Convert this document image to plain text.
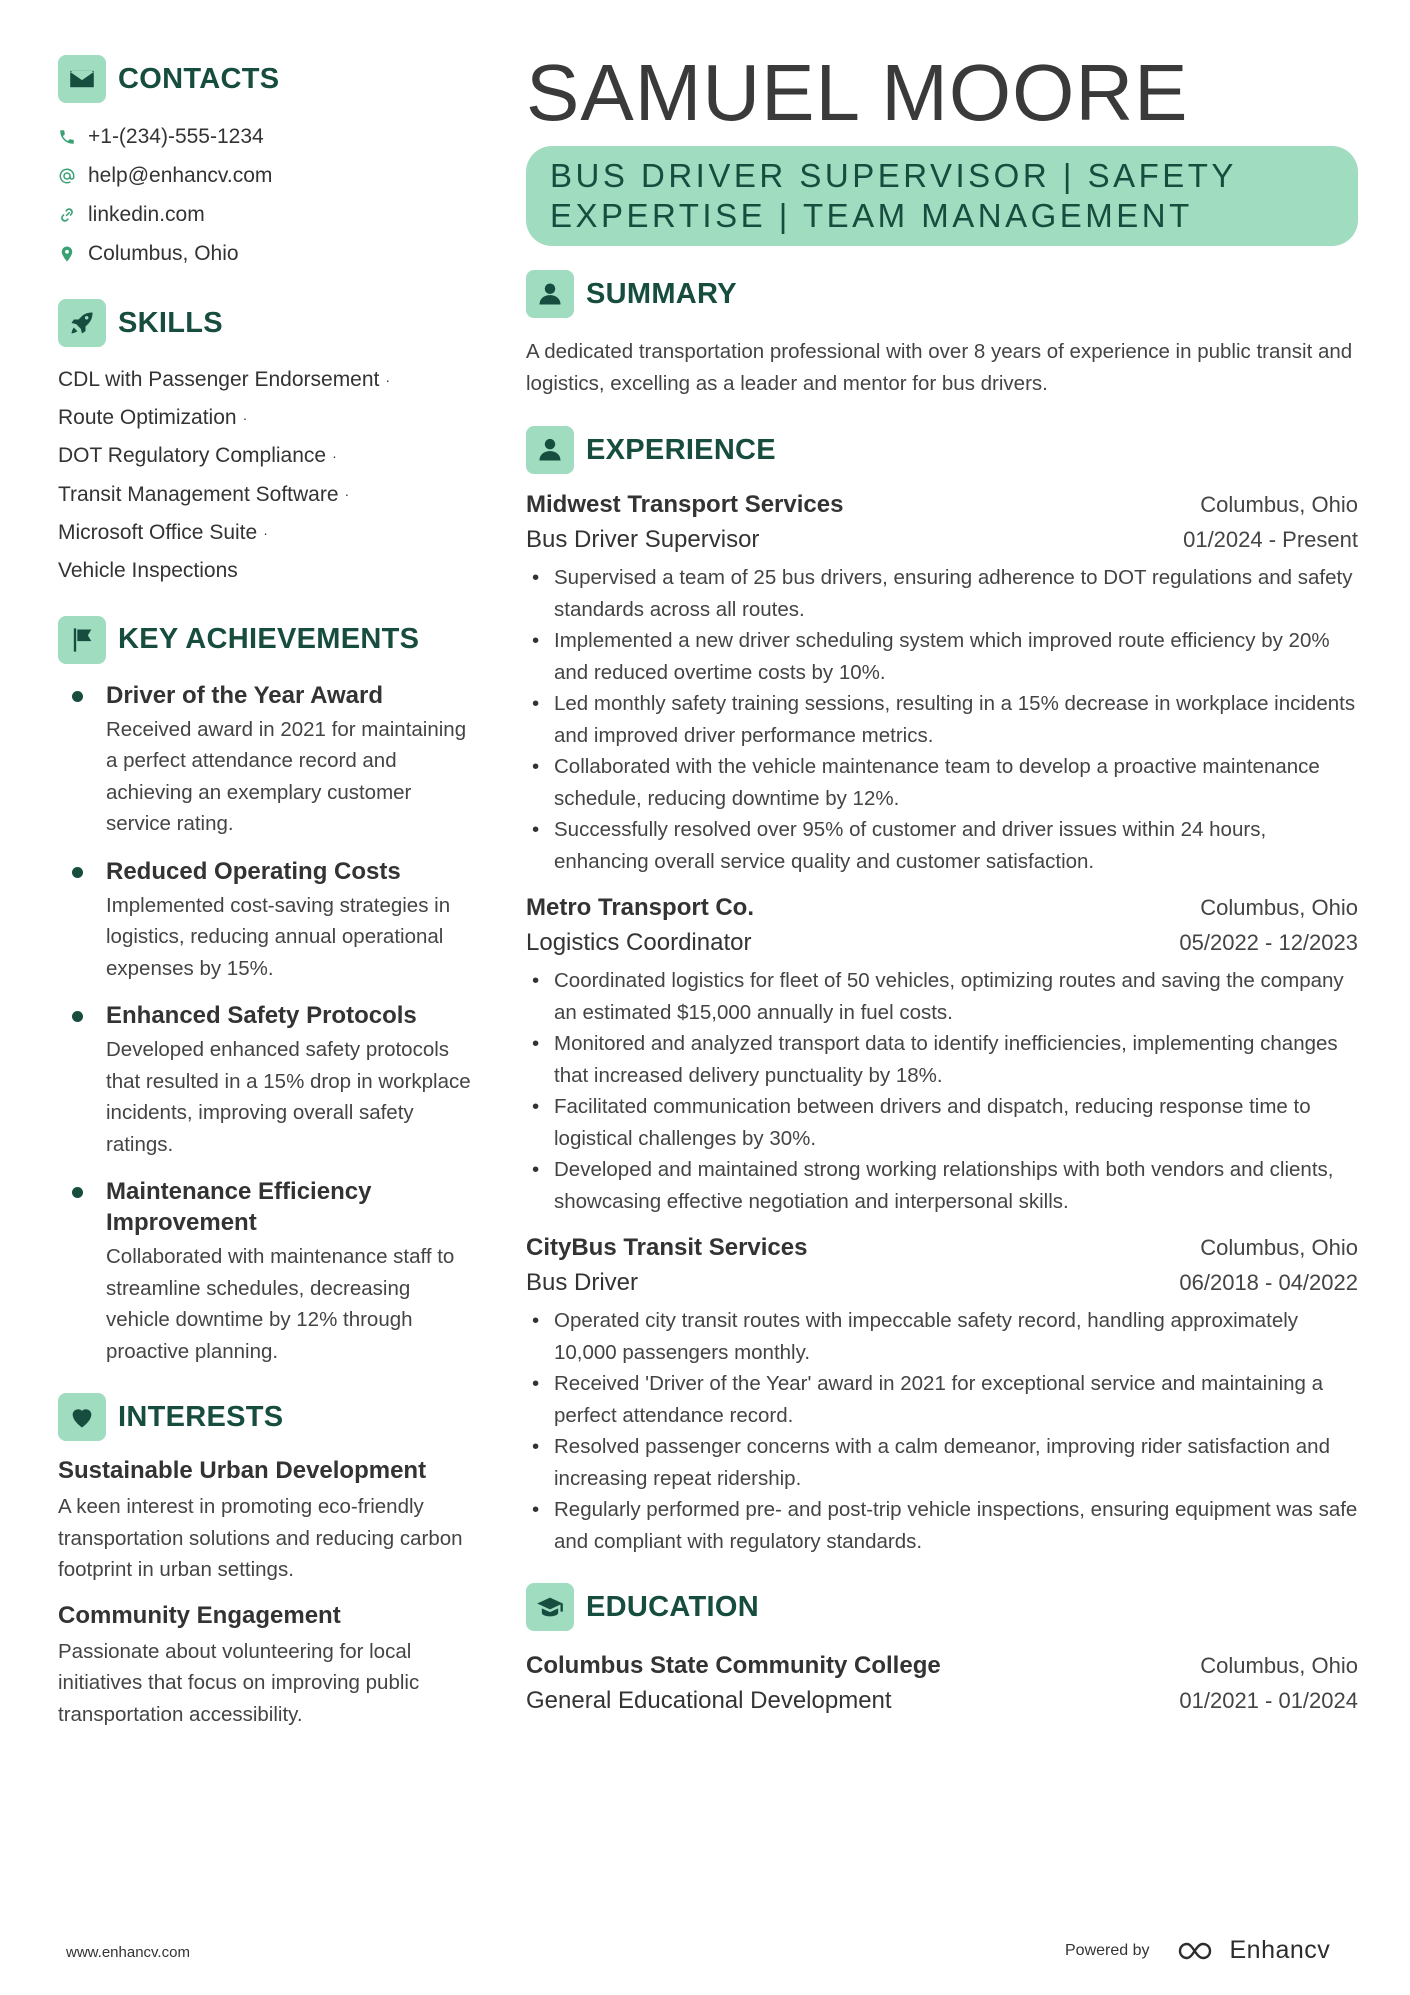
CONTACTS
+1-(234)-555-1234
help@enhancv.com
linkedin.com
Columbus, Ohio
SKILLS
CDL with Passenger Endorsement ·
Route Optimization ·
DOT Regulatory Compliance ·
Transit Management Software ·
Microsoft Office Suite ·
Vehicle Inspections
KEY ACHIEVEMENTS
Driver of the Year Award
Received award in 2021 for maintaining a perfect attendance record and achieving an exemplary customer service rating.
Reduced Operating Costs
Implemented cost-saving strategies in logistics, reducing annual operational expenses by 15%.
Enhanced Safety Protocols
Developed enhanced safety protocols that resulted in a 15% drop in workplace incidents, improving overall safety ratings.
Maintenance Efficiency Improvement
Collaborated with maintenance staff to streamline schedules, decreasing vehicle downtime by 12% through proactive planning.
INTERESTS
Sustainable Urban Development
A keen interest in promoting eco-friendly transportation solutions and reducing carbon footprint in urban settings.
Community Engagement
Passionate about volunteering for local initiatives that focus on improving public transportation accessibility.
SAMUEL MOORE
BUS DRIVER SUPERVISOR | SAFETY EXPERTISE | TEAM MANAGEMENT
SUMMARY

A dedicated transportation professional with over 8 years of experience in public transit and logistics, excelling as a leader and mentor for bus drivers.

EXPERIENCE
Midwest Transport Services	Columbus, Ohio
Bus Driver Supervisor	01/2024 - Present
• Supervised a team of 25 bus drivers, ensuring adherence to DOT regulations and safety standards across all routes.
• Implemented a new driver scheduling system which improved route efficiency by 20% and reduced overtime costs by 10%.
• Led monthly safety training sessions, resulting in a 15% decrease in workplace incidents and improved driver performance metrics.
• Collaborated with the vehicle maintenance team to develop a proactive maintenance schedule, reducing downtime by 12%.
• Successfully resolved over 95% of customer and driver issues within 24 hours, enhancing overall service quality and customer satisfaction.
Metro Transport Co.	Columbus, Ohio
Logistics Coordinator	05/2022 - 12/2023
• Coordinated logistics for fleet of 50 vehicles, optimizing routes and saving the company an estimated $15,000 annually in fuel costs.
• Monitored and analyzed transport data to identify inefficiencies, implementing changes that increased delivery punctuality by 18%.
• Facilitated communication between drivers and dispatch, reducing response time to logistical challenges by 30%.
• Developed and maintained strong working relationships with both vendors and clients, showcasing effective negotiation and interpersonal skills.
CityBus Transit Services	Columbus, Ohio
Bus Driver	06/2018 - 04/2022
• Operated city transit routes with impeccable safety record, handling approximately 10,000 passengers monthly.
• Received 'Driver of the Year' award in 2021 for exceptional service and maintaining a perfect attendance record.
• Resolved passenger concerns with a calm demeanor, improving rider satisfaction and increasing repeat ridership.
• Regularly performed pre- and post-trip vehicle inspections, ensuring equipment was safe and compliant with regulatory standards.
EDUCATION
Columbus State Community College	Columbus, Ohio
General Educational Development	01/2021 - 01/2024
www.enhancv.com	Powered by	Enhancv
